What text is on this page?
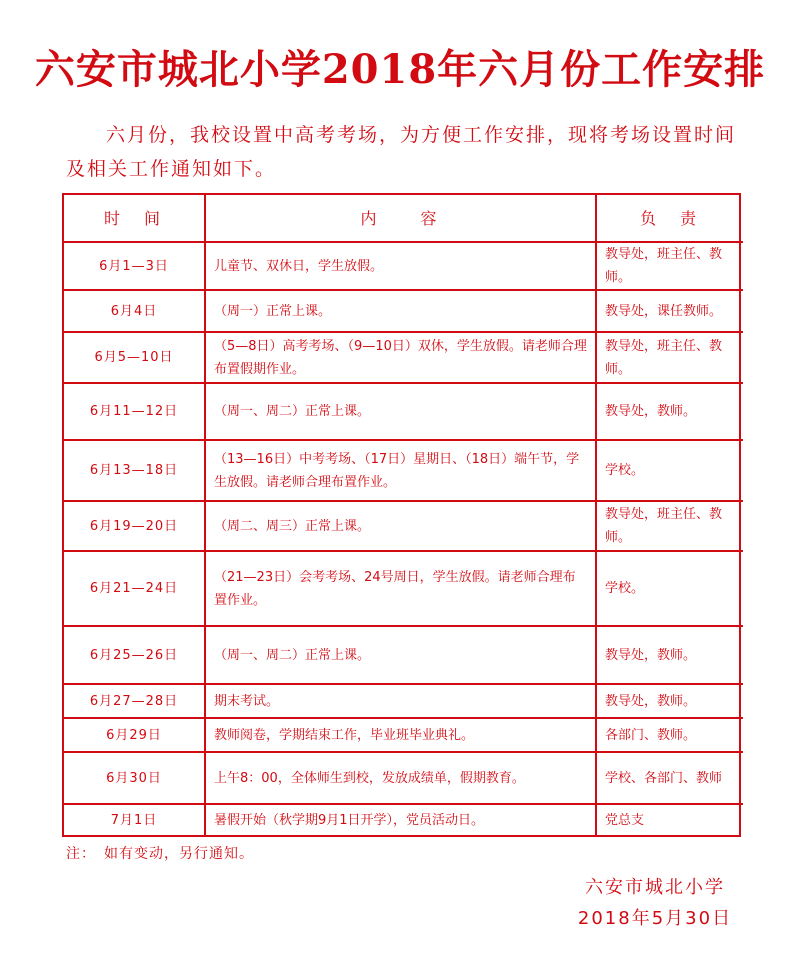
六安市城北小学2018年六月份工作安排
六月份，我校设置中高考考场，为方便工作安排，现将考场设置时间及相关工作通知如下。
时　间	内　　容	负　责
6月1—3日	儿童节、双休日，学生放假。	教导处，班主任、教师。
6月4日	（周一）正常上课。	教导处，课任教师。
6月5—10日	（5—8日）高考考场、（9—10日）双休，学生放假。请老师合理布置假期作业。	教导处，班主任、教师。
6月11—12日	（周一、周二）正常上课。	教导处，教师。
6月13—18日	（13—16日）中考考场、（17日）星期日、（18日）端午节，学生放假。请老师合理布置作业。	学校。
6月19—20日	（周二、周三）正常上课。	教导处，班主任、教师。
6月21—24日	（21—23日）会考考场、24号周日，学生放假。请老师合理布置作业。	学校。
6月25—26日	（周一、周二）正常上课。	教导处，教师。
6月27—28日	期末考试。	教导处，教师。
6月29日	教师阅卷，学期结束工作，毕业班毕业典礼。	各部门、教师。
6月30日	上午8：00，全体师生到校，发放成绩单，假期教育。	学校、各部门、教师
7月1日	暑假开始（秋学期9月1日开学），党员活动日。	党总支
注：　如有变动，另行通知。
六安市城北小学
2018年5月30日
